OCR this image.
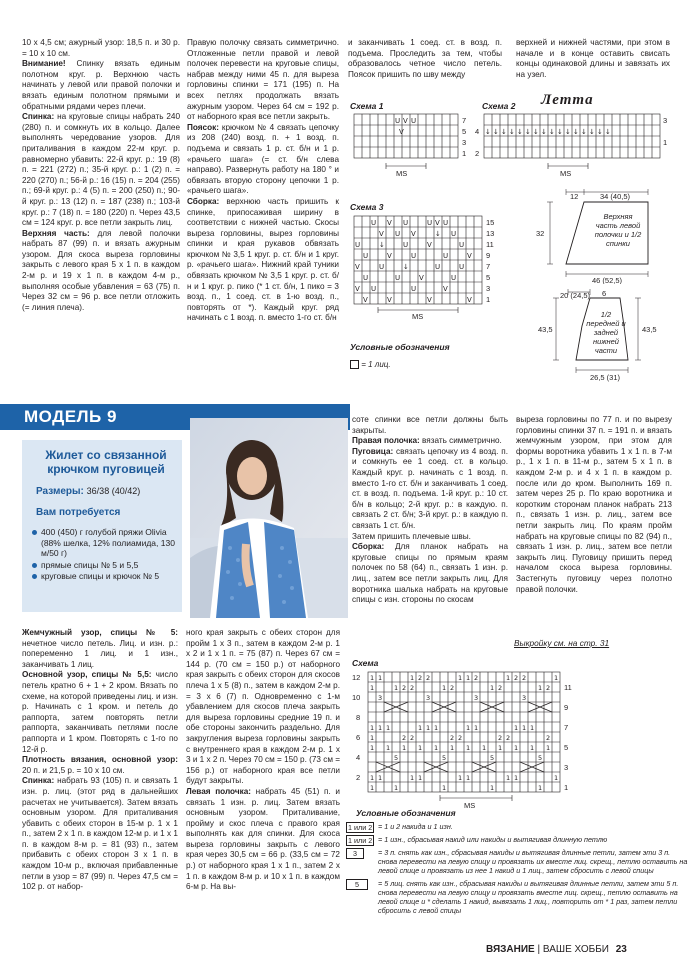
10 х 4,5 см; ажурный узор: 18,5 п. и 30 р. = 10 х 10 см.

Внимание! Спинку вязать единым полотном круг. р. Верхнюю часть начинать у левой или правой полочки и вязать единым полотном прямыми и обратными рядами через плечи.

Спинка: на круговые спицы набрать 240 (280) п. и сомкнуть их в кольцо. Далее выполнять чередование узоров. Для приталивания в каждом 22-м круг. р. равномерно убавить: 22-й круг. р.: 19 (8) п. = 221 (272) п.; 35-й круг. р.: 1 (2) п. = 220 (270) п.; 56-й р.: 16 (15) п. = 204 (255) п.; 69-й круг. р.: 4 (5) п. = 200 (250) п.; 90-й круг. р.: 13 (12) п. = 187 (238) п.; 103-й круг. р.: 7 (18) п. = 180 (220) п. Через 43,5 см = 124 круг. р. все петли закрыть лиц.

Верхняя часть: для левой полочки набрать 87 (99) п. и вязать ажурным узором. Для скоса выреза горловины закрыть с левого края 5 х 1 п. в каждом 2-м р. и 19 х 1 п. в каждом 4-м р., выполняя особые убавления = 63 (75) п. Через 32 см = 96 р. все петли отложить (= линия плеча).

Правую полочку связать симметрично. Отложенные петли правой и левой полочек перевести на круговые спицы, набрав между ними 45 п. для выреза горловины спинки = 171 (195) п. На всех петлях продолжать вязать ажурным узором. Через 64 см = 192 р. от наборного края все петли закрыть.

Поясок: крючком № 4 связать цепочку из 208 (240) возд. п. + 1 возд. п. подъема и связать 1 р. ст. б/н и 1 р. «рачьего шага» (= ст. б/н слева направо). Развернуть работу на 180 ° и обвязать вторую сторону цепочки 1 р. «рачьего шага».

Сборка: верхнюю часть пришить к спинке, припосаживая ширину в соответствии с нижней частью. Скосы выреза горловины, вырез горловины спинки и края рукавов обвязать крючком № 3,5 1 круг. р. ст. б/н и 1 круг. р. «рачьего шага». Нижний край туники обвязать крючком № 3,5 1 круг. р. ст. б/н и 1 круг. р. пико (* 1 ст. б/н, 1 пико = 3 возд. п., 1 соед. ст. в 1-ю возд. п., повторять от *). Каждый круг. ряд начинать с 1 возд. п. вместо 1-го ст. б/н

и заканчивать 1 соед. ст. в возд. п. подъема. Проследить за тем, чтобы образовалось четное число петель. Поясок пришить по шву между

верхней и нижней частями, при этом в начале и в конце оставить свисать концы одинаковой длины и завязать их на узел.

Схема 1	Схема 2 Летта
U V U
V
7
5
3
1
MS
↓ ↓ ↓ ↓ ↓ ↓ ↓ ↓ ↓ ↓ ↓ ↓ ↓ ↓ ↓ ↓
3
1
4
2
MS
Схема 3
U V U	U V U
V U V	↓ U
U	↓	U	V	U
U	V	U	U	V
V	U	↓	U	U
U	U	V	U
V U	U	V
V	V	V	V
15
13
11
9
7
5
3
1
MS
Условные обозначения
= 1 лиц.
12	34 (40,5)
32
46 (52,5)
Верхняя часть левой полочки и 1/2 спинки
20 (24,5) 6
43,5	43,5
26,5 (31)
1/2 передней и задней нижней части
МОДЕЛЬ 9
Жилет со связанной крючком пуговицей
Размеры: 36/38 (40/42)
Вам потребуется
400 (450) г голубой пряжи Olivia (88% шелка, 12% полиамида, 130 м/50 г)
прямые спицы № 5 и 5,5
круговые спицы и крючок № 5

соте спинки все петли должны быть закрыты.

Правая полочка: вязать симметрично.

Пуговица: связать цепочку из 4 возд. п. и сомкнуть ее 1 соед. ст. в кольцо. Каждый круг. р. начинать с 1 возд. п. вместо 1-го ст. б/н и заканчивать 1 соед. ст. в возд. п. подъема. 1-й круг. р.: 10 ст. б/н в кольцо; 2-й круг. р.: в каждую. п. связать 2 ст. б/н; 3-й круг. р.: в каждую п. связать 1 ст. б/н.

Затем пришить плечевые швы.

Сборка: Для планок набрать на круговые спицы по прямым краям полочек по 58 (64) п., связать 1 изн. р. лиц., затем все петли закрыть лиц. Для воротника шалька набрать на круговые спицы с изн. стороны по скосам

выреза горловины по 77 п. и по вырезу горловины спинки 37 п. = 191 п. и вязать жемчужным узором, при этом для формы воротника убавить 1 х 1 п. в 7-м р., 1 х 1 п. в 11-м р., затем 5 х 1 п. в каждом 2-м р. и 4 х 1 п. в каждом р. после или до кром. Выполнить 169 п. затем через 25 р. По краю воротника и коротким сторонам планок набрать 213 п., связать 1 изн. р. лиц., затем все петли закрыть лиц. По краям пройм набрать на круговые спицы по 82 (94) п., связать 1 изн. р. лиц., затем все петли закрыть лиц. Пуговицу пришить перед началом скоса выреза горловины. Застегнуть пуговицу через полотно правой полочки.

Выкройку см. на стр. 31

Жемчужный узор, спицы № 5: нечетное число петель. Лиц. и изн. р.: попеременно 1 лиц. и 1 изн., заканчивать 1 лиц.

Основной узор, спицы № 5,5: число петель кратно 6 + 1 + 2 кром. Вязать по схеме, на которой приведены лиц. и изн. р. Начинать с 1 кром. и петель до раппорта, затем повторять петли раппорта, заканчивать петлями после раппорта и 1 кром. Повторять с 1-го по 12-й р.

Плотность вязания, основной узор: 20 п. и 21,5 р. = 10 х 10 см.

Спинка: набрать 93 (105) п. и связать 1 изн. р. лиц. (этот ряд в дальнейших расчетах не учитывается). Затем вязать основным узором. Для приталивания убавить с обеих сторон в 15-м р. 1 х 1 п., затем 2 х 1 п. в каждом 12-м р. и 1 х 1 п. в каждом 8-м р. = 81 (93) п., затем прибавить с обеих сторон 3 х 1 п. в каждом 10-м р., включая прибавленные петли в узор = 87 (99) п. Через 47,5 см = 102 р. от набор-

ного края закрыть с обеих сторон для пройм 1 х 3 п., затем в каждом 2-м р. 1 х 2 и 1 х 1 п. = 75 (87) п. Через 67 см = 144 р. (70 см = 150 р.) от наборного края закрыть с обеих сторон для скосов плеча 1 х 5 (8) п., затем в каждом 2-м р. = 3 х 6 (7) п. Одновременно с 1-м убавлением для скосов плеча закрыть для выреза горловины средние 19 п. и обе стороны закончить раздельно. Для закругления выреза горловины закрыть с внутреннего края в каждом 2-м р. 1 х 3 и 1 х 2 п. Через 70 см = 150 р. (73 см = 156 р.) от наборного края все петли будут закрыты.

Левая полочка: набрать 45 (51) п. и связать 1 изн. р. лиц. Затем вязать основным узором. Приталивание, пройму и скос плеча с правого края выполнять как для спинки. Для скоса выреза горловины закрыть с левого края через 30,5 см = 66 р. (33,5 см = 72 р.) от наборного края 1 х 1 п., затем 2 х 1 п. в каждом 8-м р. и 10 х 1 п. в каждом 6-м р. На вы-

Схема
1 1	1 2 2	1 1 2	1 2 2	1
1	1 2 2	1 2	1 2	1 2
3	3	3	3
1 1 1	1 1 1	1 1	1 1 1
1	2 2	2 2	2 2	2
1 1 1 1 1 1 1 1 1 1 1 1
5	5	5	5
1 1	1 1	1 1	1 1	1
1	1	1	1	1
12
10
8
6
4
2
11
9
7
5
3
1
MS
Условные обозначения
1 или 2 = 1 и 2 накида и 1 изн.
1 или 2 = 1 изн., сбрасывая накид или накиды и вытягивая длинную петлю
3	= 3 п. снять как изн., сбрасывая накиды и вытягивая длинные петли, затем эти 3 п. снова перевести на левую спицу и провязать их вместе лиц. скрещ., петлю оставить на левой спице и провязать из нее 1 накид и 1 лиц., затем сбросить с левой спицы
5	= 5 лиц. снять как изн., сбрасывая накиды и вытягивая длинные петли, затем эти 5 п. снова перевести на левую спицу и провязать вместе лиц. скрещ., петлю оставить на левой спице и * сделать 1 накид, вывязать 1 лиц., повторить от * 1 раз, затем петли сбросить с левой спицы
ВЯЗАНИЕ | ВАШЕ ХОББИ 23
